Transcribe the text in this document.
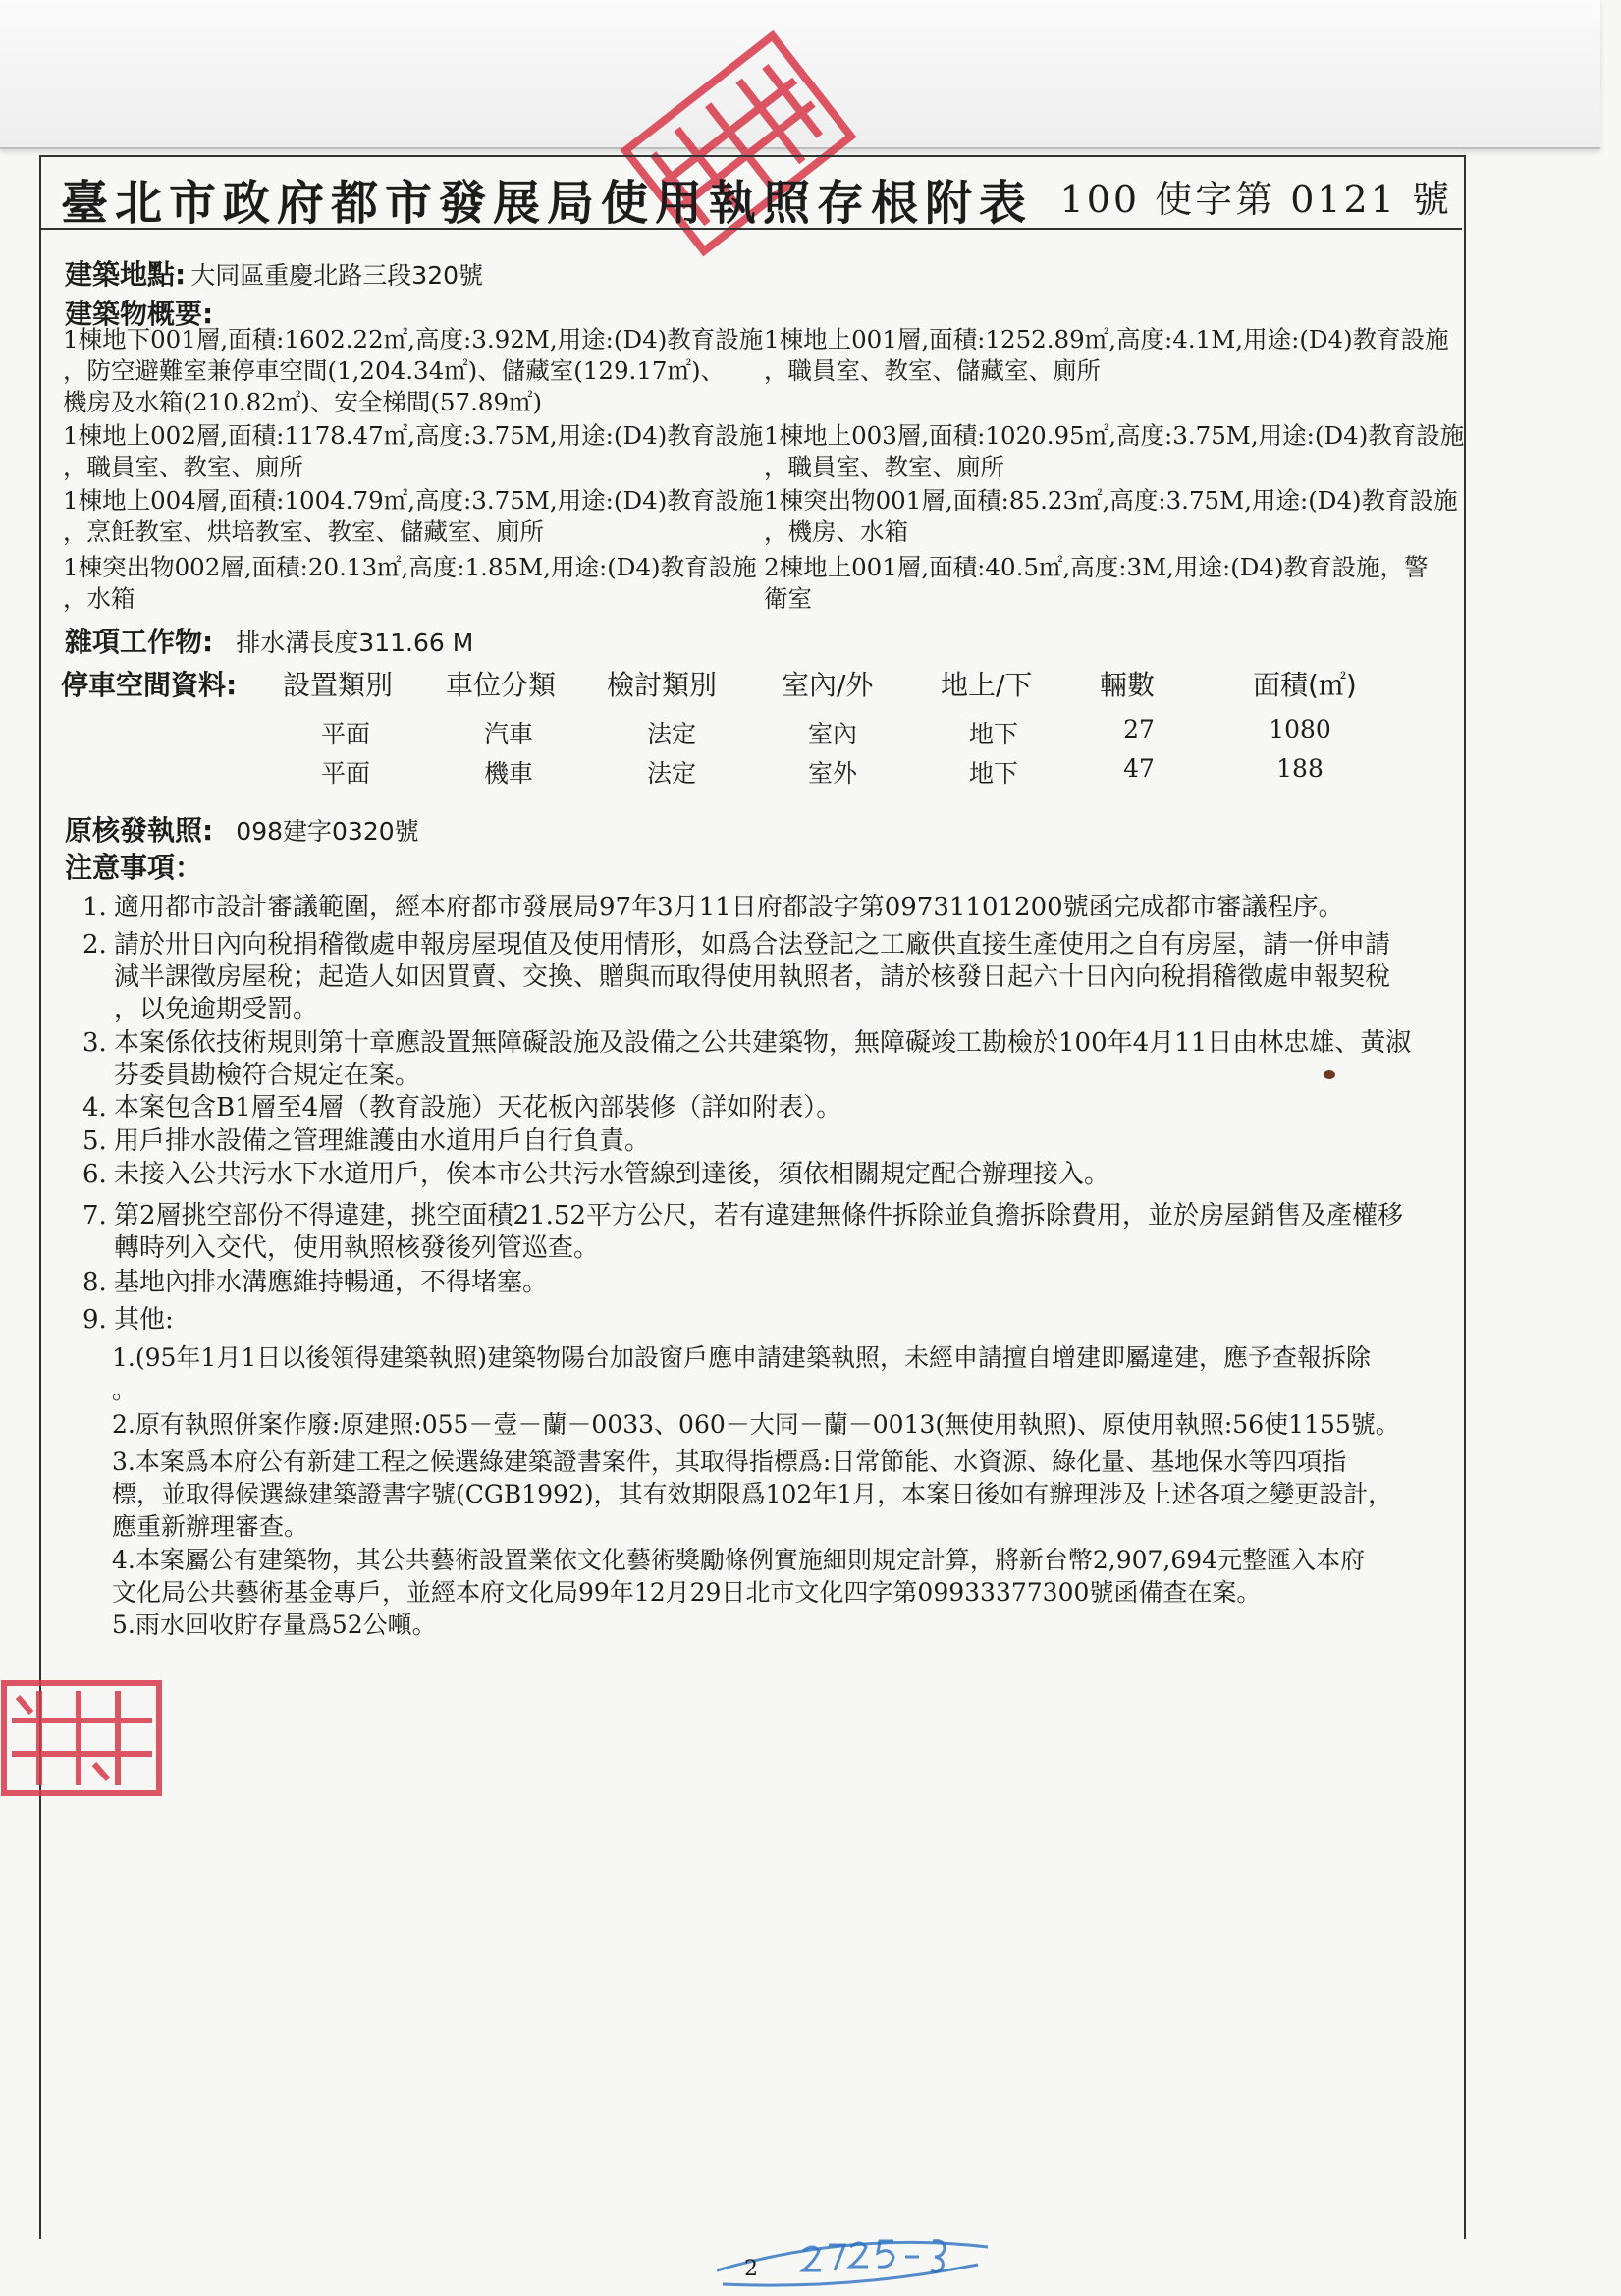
臺北市政府都市發展局使用執照存根附表 100 使字第 0121 號
建築地點: 大同區重慶北路三段320號
建築物概要:
1棟地下001層,面積:1602.22㎡,高度:3.92M,用途:(D4)教育設施
，防空避難室兼停車空間(1,204.34㎡)、儲藏室(129.17㎡)、
機房及水箱(210.82㎡)、安全梯間(57.89㎡)
1棟地上001層,面積:1252.89㎡,高度:4.1M,用途:(D4)教育設施
，職員室、教室、儲藏室、廁所
1棟地上002層,面積:1178.47㎡,高度:3.75M,用途:(D4)教育設施
，職員室、教室、廁所
1棟地上003層,面積:1020.95㎡,高度:3.75M,用途:(D4)教育設施
，職員室、教室、廁所
1棟地上004層,面積:1004.79㎡,高度:3.75M,用途:(D4)教育設施
，烹飪教室、烘培教室、教室、儲藏室、廁所
1棟突出物001層,面積:85.23㎡,高度:3.75M,用途:(D4)教育設施
，機房、水箱
1棟突出物002層,面積:20.13㎡,高度:1.85M,用途:(D4)教育設施
，水箱
2棟地上001層,面積:40.5㎡,高度:3M,用途:(D4)教育設施，警
衛室
雜項工作物: 排水溝長度311.66 M
停車空間資料: 設置類別 車位分類 檢討類別 室內/外 地上/下 輛數	面積(㎡)
平面	汽車	法定	室內	地下	27	1080
平面	機車	法定	室外	地下	47	188
原核發執照: 098建字0320號
注意事項：
1. 適用都市設計審議範圍，經本府都市發展局97年3月11日府都設字第09731101200號函完成都市審議程序。
2. 請於卅日內向稅捐稽徵處申報房屋現值及使用情形，如爲合法登記之工廠供直接生產使用之自有房屋，請一併申請
減半課徵房屋稅；起造人如因買賣、交換、贈與而取得使用執照者，請於核發日起六十日內向稅捐稽徵處申報契稅
，以免逾期受罰。
3. 本案係依技術規則第十章應設置無障礙設施及設備之公共建築物，無障礙竣工勘檢於100年4月11日由林忠雄、黃淑
芬委員勘檢符合規定在案。
4. 本案包含B1層至4層（教育設施）天花板內部裝修（詳如附表）。
5. 用戶排水設備之管理維護由水道用戶自行負責。
6. 未接入公共污水下水道用戶，俟本市公共污水管線到達後，須依相關規定配合辦理接入。
7. 第2層挑空部份不得違建，挑空面積21.52平方公尺，若有違建無條件拆除並負擔拆除費用，並於房屋銷售及產權移
轉時列入交代，使用執照核發後列管巡查。
8. 基地內排水溝應維持暢通，不得堵塞。
9. 其他:
1.(95年1月1日以後領得建築執照)建築物陽台加設窗戶應申請建築執照，未經申請擅自增建即屬違建，應予查報拆除
。
2.原有執照併案作廢:原建照:055－壹－蘭－0033、060－大同－蘭－0013(無使用執照)、原使用執照:56使1155號。
3.本案爲本府公有新建工程之候選綠建築證書案件，其取得指標爲:日常節能、水資源、綠化量、基地保水等四項指
標，並取得候選綠建築證書字號(CGB1992)，其有效期限爲102年1月，本案日後如有辦理涉及上述各項之變更設計，
應重新辦理審查。
4.本案屬公有建築物，其公共藝術設置業依文化藝術獎勵條例實施細則規定計算，將新台幣2,907,694元整匯入本府
文化局公共藝術基金專戶，並經本府文化局99年12月29日北市文化四字第09933377300號函備查在案。
5.雨水回收貯存量爲52公噸。
2
